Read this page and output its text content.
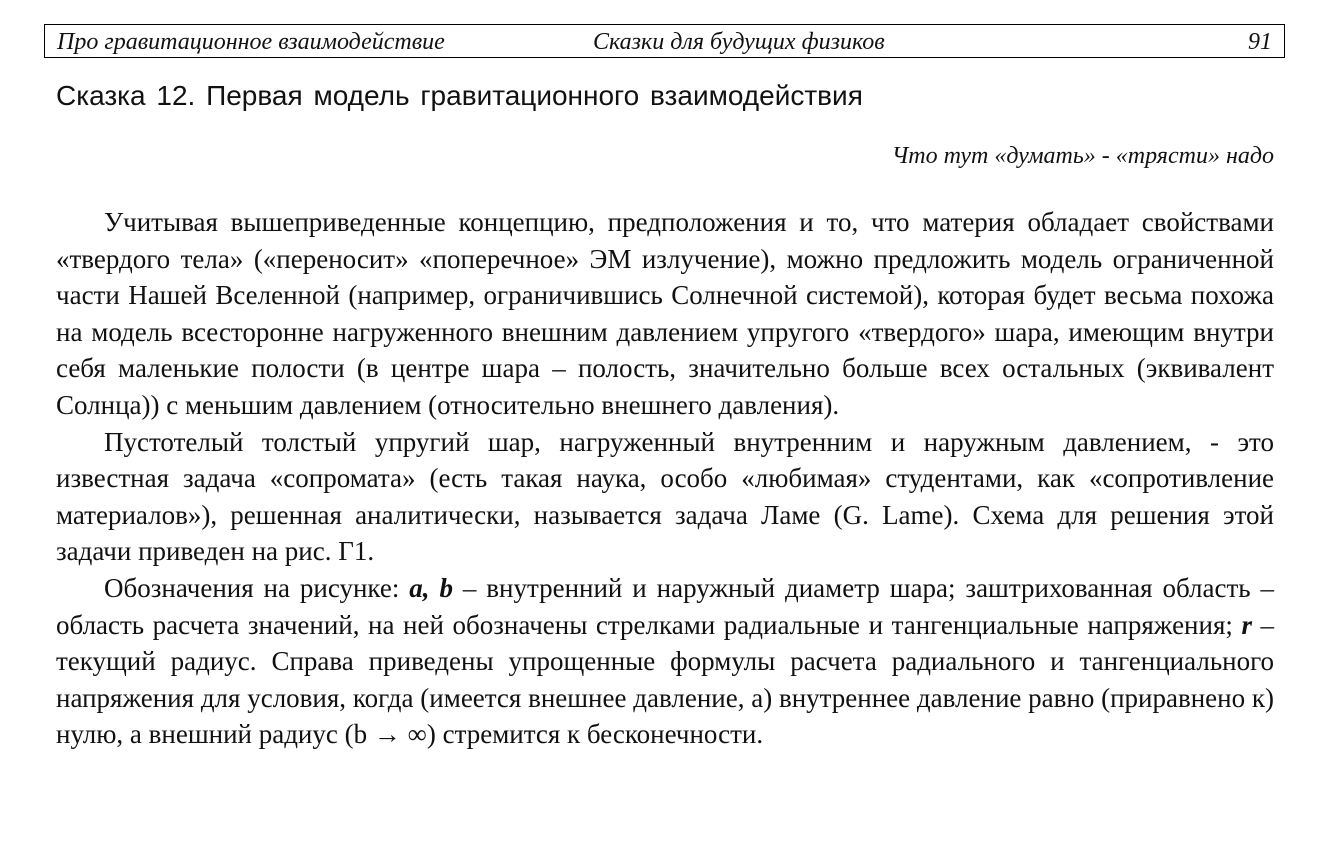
Про гравитационное взаимодействие	Сказки для будущих физиков	91
Сказка 12. Первая модель гравитационного взаимодействия
Что тут «думать» - «трясти» надо

Учитывая вышеприведенные концепцию, предположения и то, что материя обладает свойствами «твердого тела» («переносит» «поперечное» ЭМ излучение), можно предложить модель ограниченной части Нашей Вселенной (например, ограничившись Солнечной системой), которая будет весьма похожа на модель всесторонне нагруженного внешним давлением упругого «твердого» шара, имеющим внутри себя маленькие полости (в центре шара – полость, значительно больше всех остальных (эквивалент Солнца)) с меньшим давлением (относительно внешнего давления).

Пустотелый толстый упругий шар, нагруженный внутренним и наружным давлением, - это известная задача «сопромата» (есть такая наука, особо «любимая» студентами, как «сопротивление материалов»), решенная аналитически, называется задача Ламе (G. Lame). Схема для решения этой задачи приведен на рис. Г1.

Обозначения на рисунке: a, b – внутренний и наружный диаметр шара; заштрихованная область – область расчета значений, на ней обозначены стрелками радиальные и тангенциальные напряжения; r – текущий радиус. Справа приведены упрощенные формулы расчета радиального и тангенциального напряжения для условия, когда (имеется внешнее давление, а) внутреннее давление равно (приравнено к) нулю, а внешний радиус (b → ∞) стремится к бесконечности.
